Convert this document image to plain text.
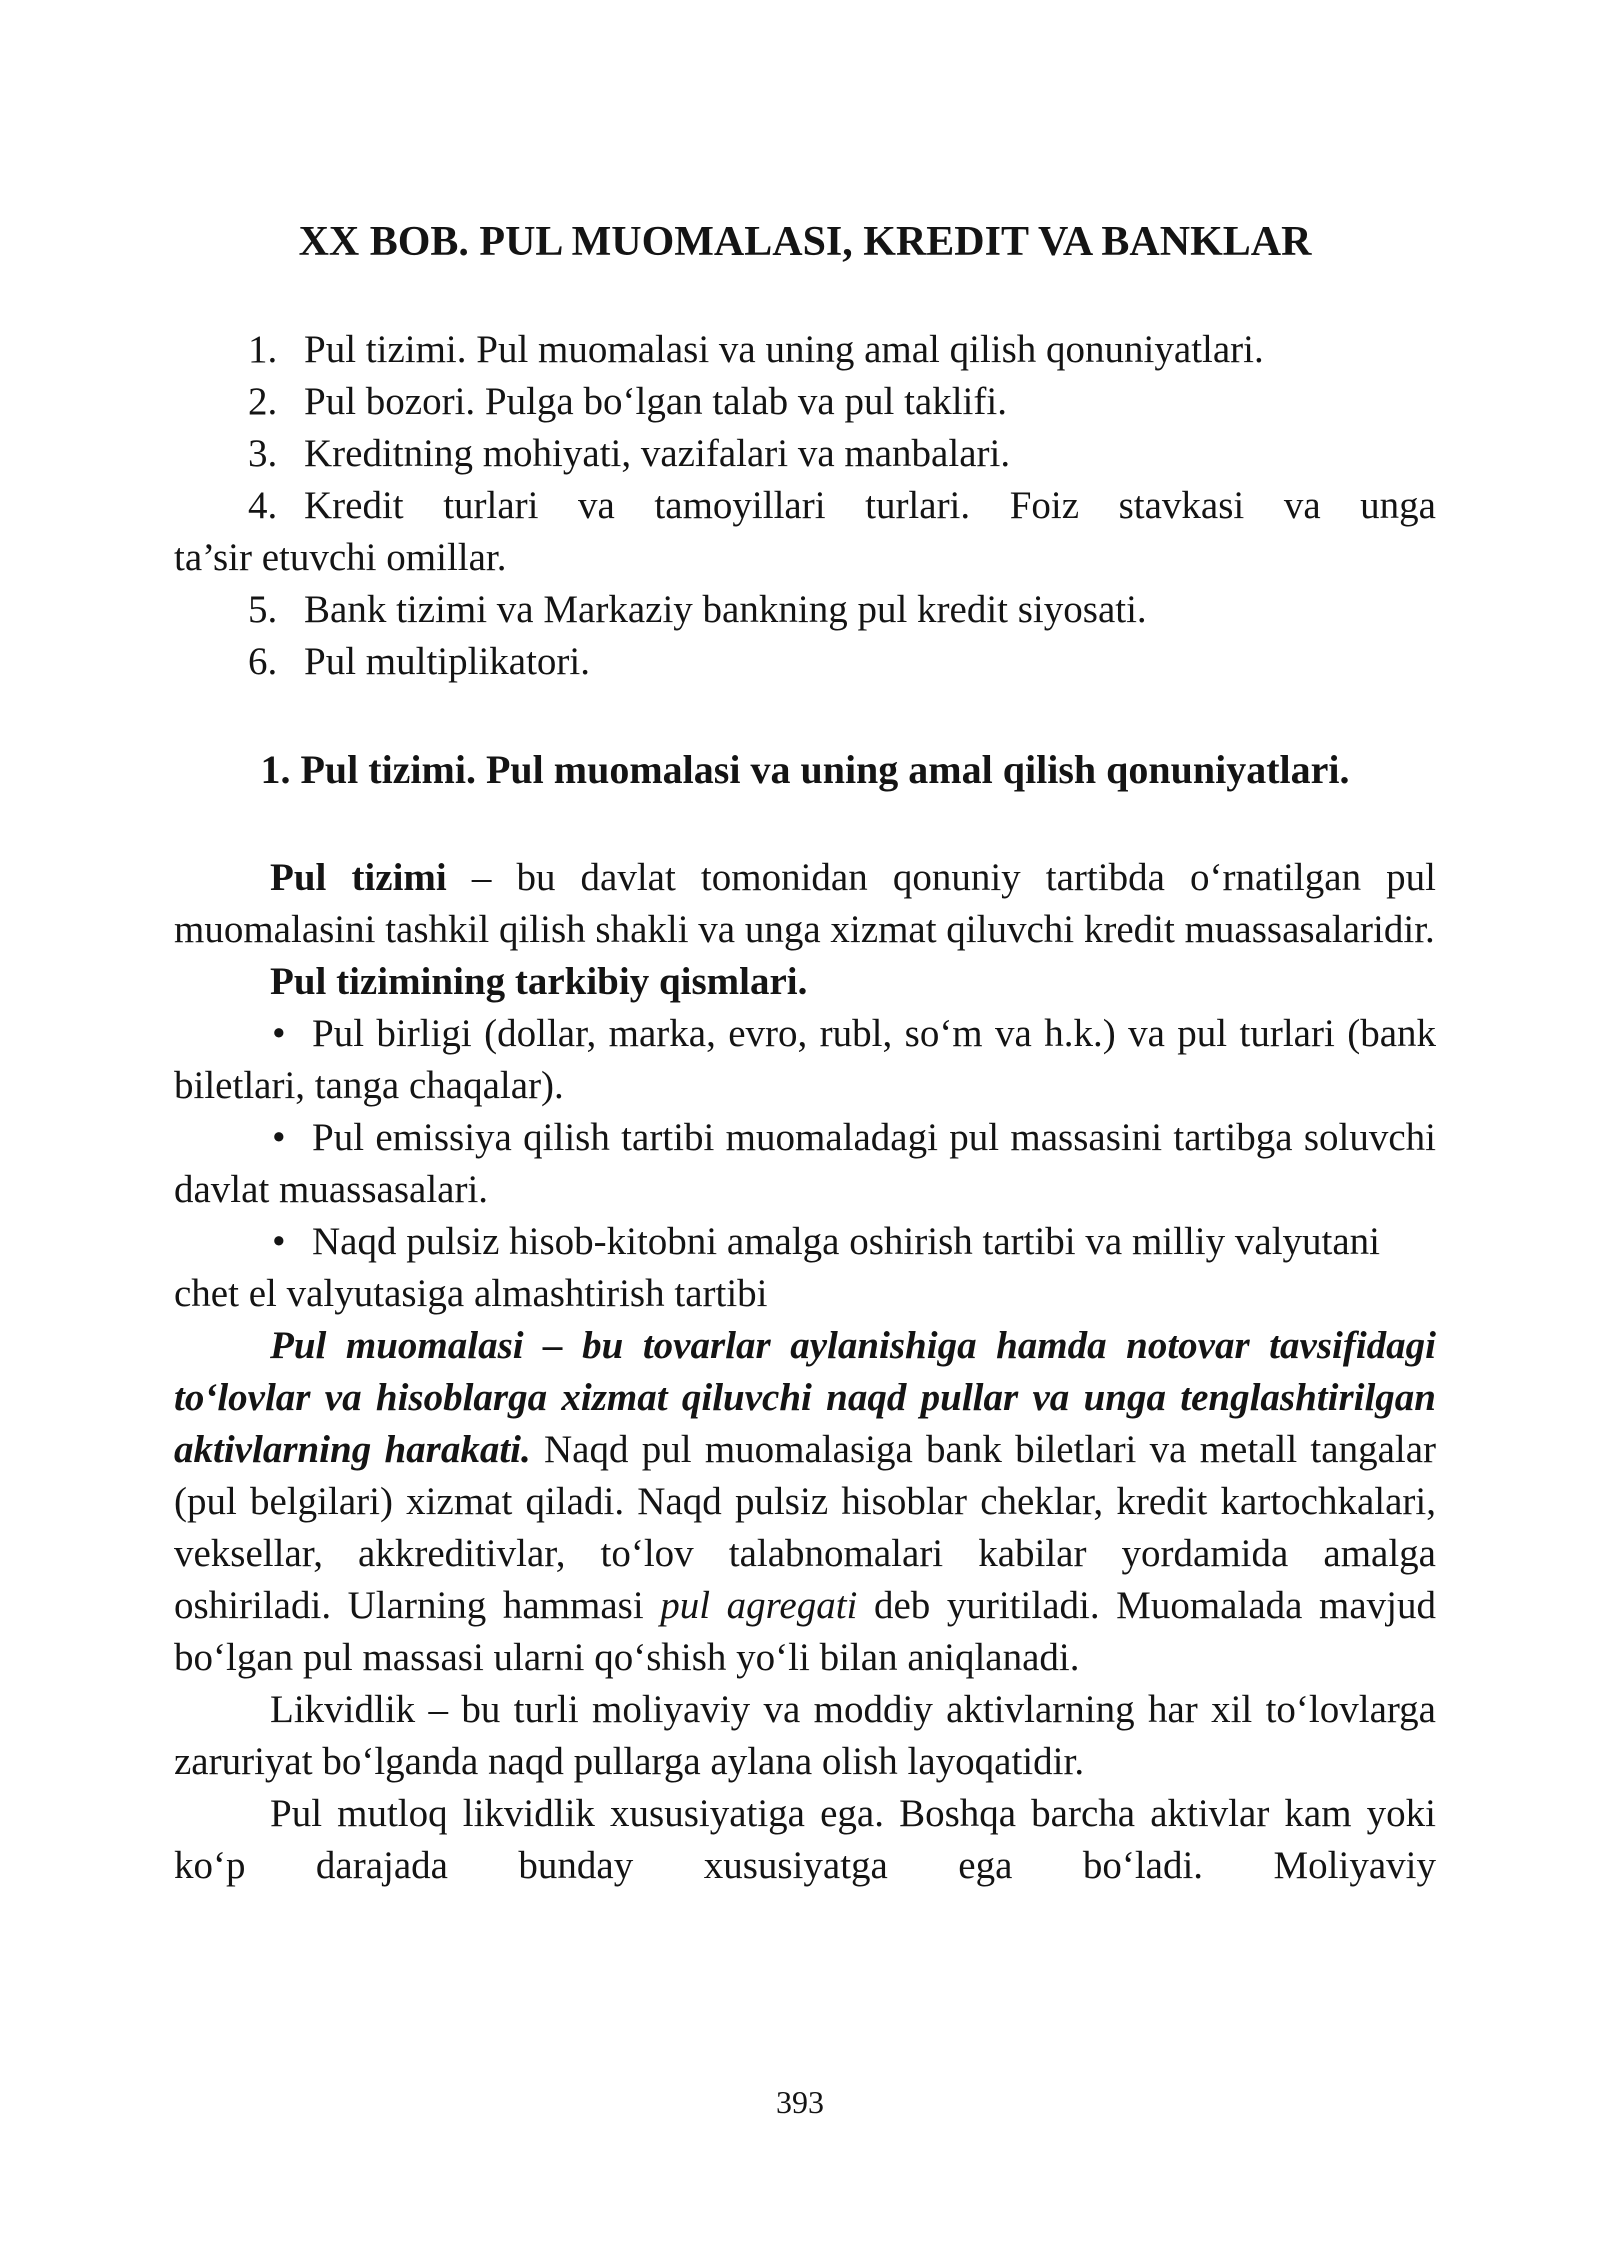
XX BOB. PUL MUOMALASI, KREDIT VA BANKLAR
1. Pul tizimi. Pul muomalasi va uning amal qilish qonuniyatlari.
2. Pul bozori. Pulga bo‘lgan talab va pul taklifi.
3. Kreditning mohiyati, vazifalari va manbalari.
4. Kredit turlari va tamoyillari turlari. Foiz stavkasi va unga
ta’sir etuvchi omillar.
5. Bank tizimi va Markaziy bankning pul kredit siyosati.
6. Pul multiplikatori.
1. Pul tizimi. Pul muomalasi va uning amal qilish qonuniyatlari.

Pul tizimi – bu davlat tomonidan qonuniy tartibda o‘rnatilgan pul muomalasini tashkil qilish shakli va unga xizmat qiluvchi kredit muassasalaridir.

Pul tizimining tarkibiy qismlari.

• Pul birligi (dollar, marka, evro, rubl, so‘m va h.k.) va pul turlari (bank biletlari, tanga chaqalar).

• Pul emissiya qilish tartibi muomaladagi pul massasini tartibga soluvchi davlat muassasalari.

• Naqd pulsiz hisob-kitobni amalga oshirish tartibi va milliy valyutani chet el valyutasiga almashtirish tartibi

Pul muomalasi – bu tovarlar aylanishiga hamda notovar tavsifidagi to‘lovlar va hisoblarga xizmat qiluvchi naqd pullar va unga tenglashtirilgan aktivlarning harakati. Naqd pul muomalasiga bank biletlari va metall tangalar (pul belgilari) xizmat qiladi. Naqd pulsiz hisoblar cheklar, kredit kartochkalari, veksellar, akkreditivlar, to‘lov talabnomalari kabilar yordamida amalga oshiriladi. Ularning hammasi pul agregati deb yuritiladi. Muomalada mavjud bo‘lgan pul massasi ularni qo‘shish yo‘li bilan aniqlanadi.

Likvidlik – bu turli moliyaviy va moddiy aktivlarning har xil to‘lovlarga zaruriyat bo‘lganda naqd pullarga aylana olish layoqatidir.

Pul mutloq likvidlik xususiyatiga ega. Boshqa barcha aktivlar kam yoki ko‘p darajada bunday xususiyatga ega bo‘ladi. Moliyaviy

393
